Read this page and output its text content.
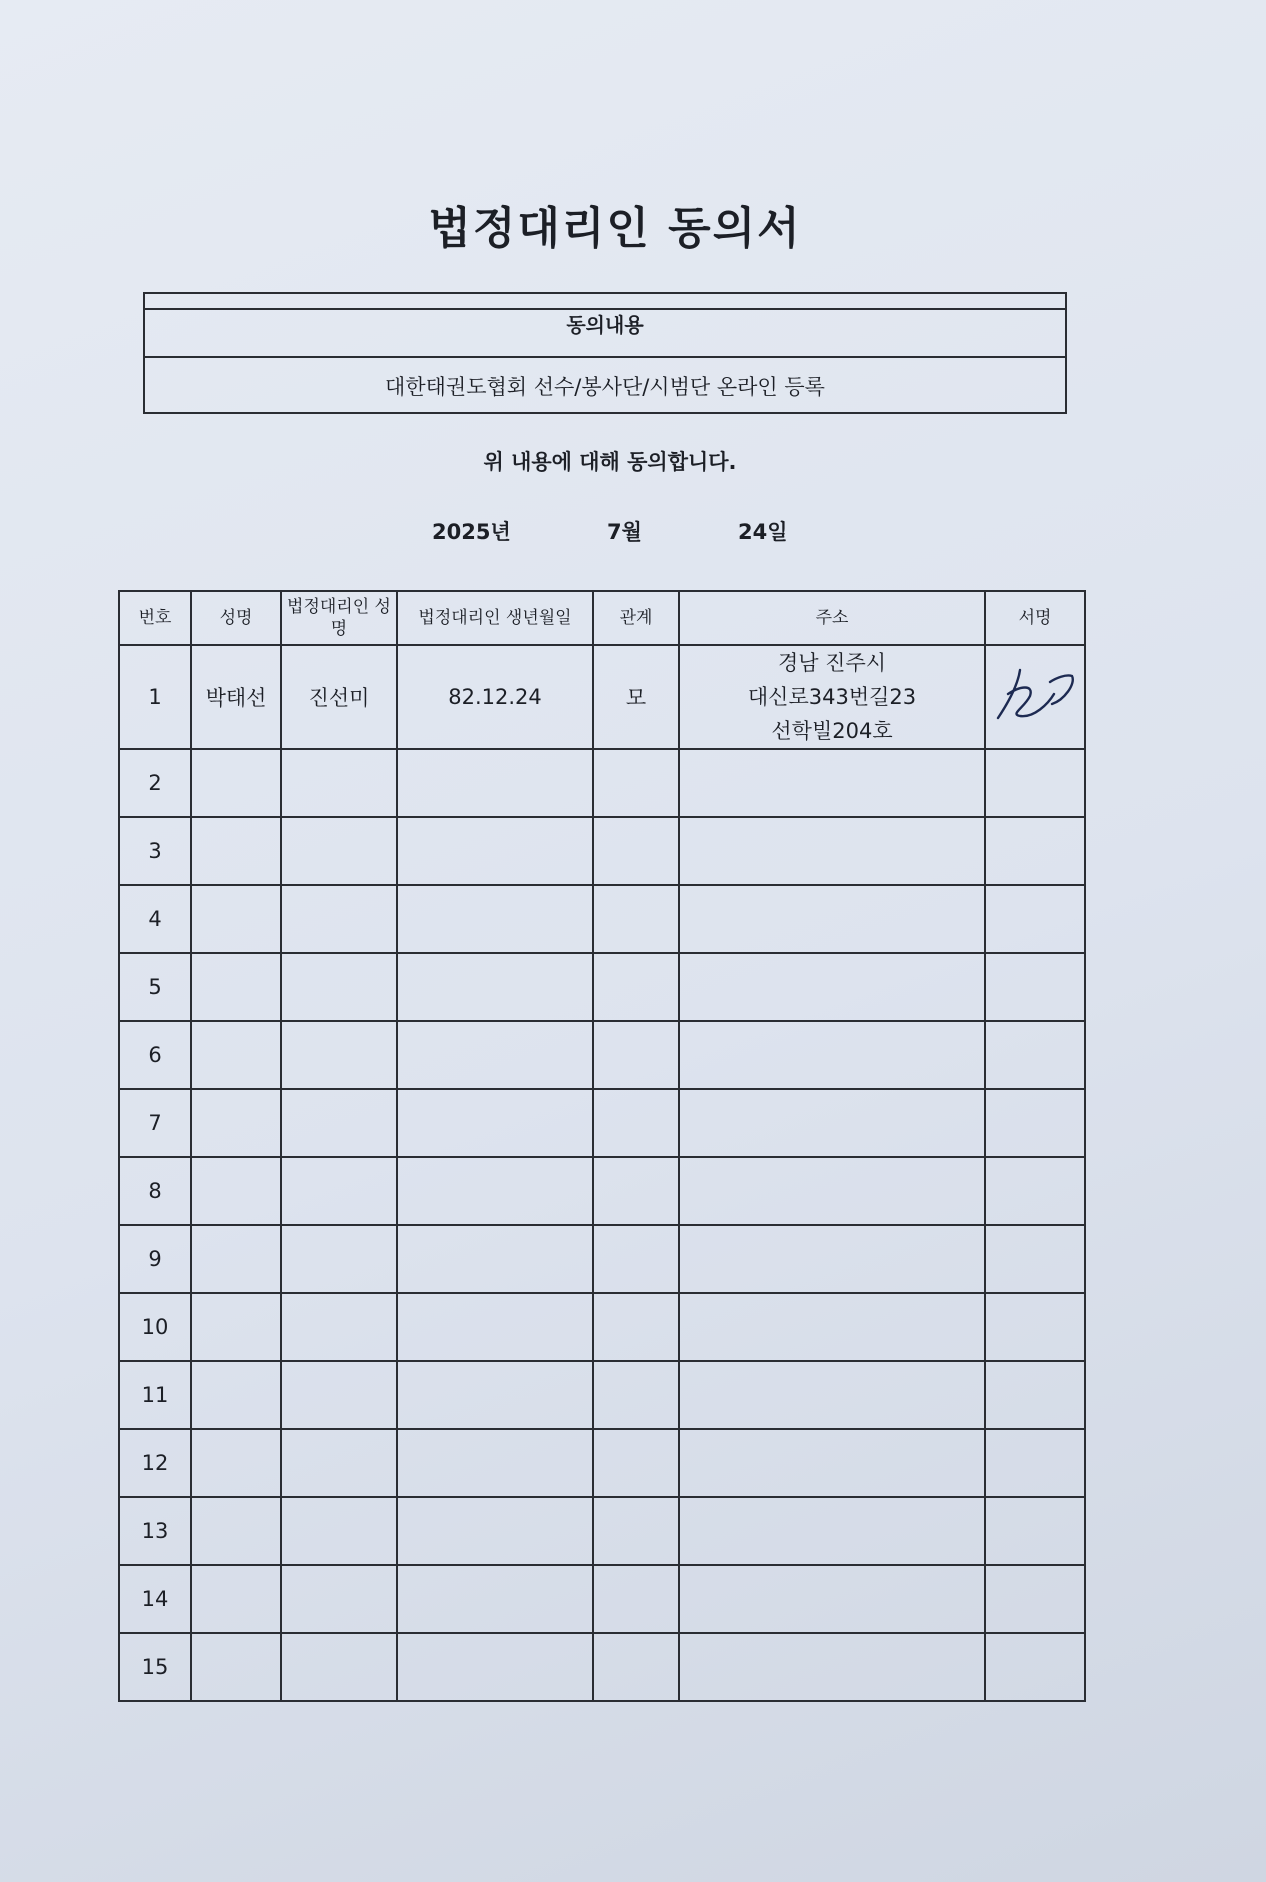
법정대리인 동의서
동의내용
대한태권도협회 선수/봉사단/시범단 온라인 등록
위 내용에 대해 동의합니다.
2025년	7월	24일
번호	성명	법정대리인 성명	법정대리인 생년월일	관계	주소	서명
1	박태선	진선미	82.12.24	모	경남 진주시
대신로343번길23
선학빌204호

2						
3						
4						
5						
6						
7						
8						
9						
10						
11						
12						
13						
14						
15						
